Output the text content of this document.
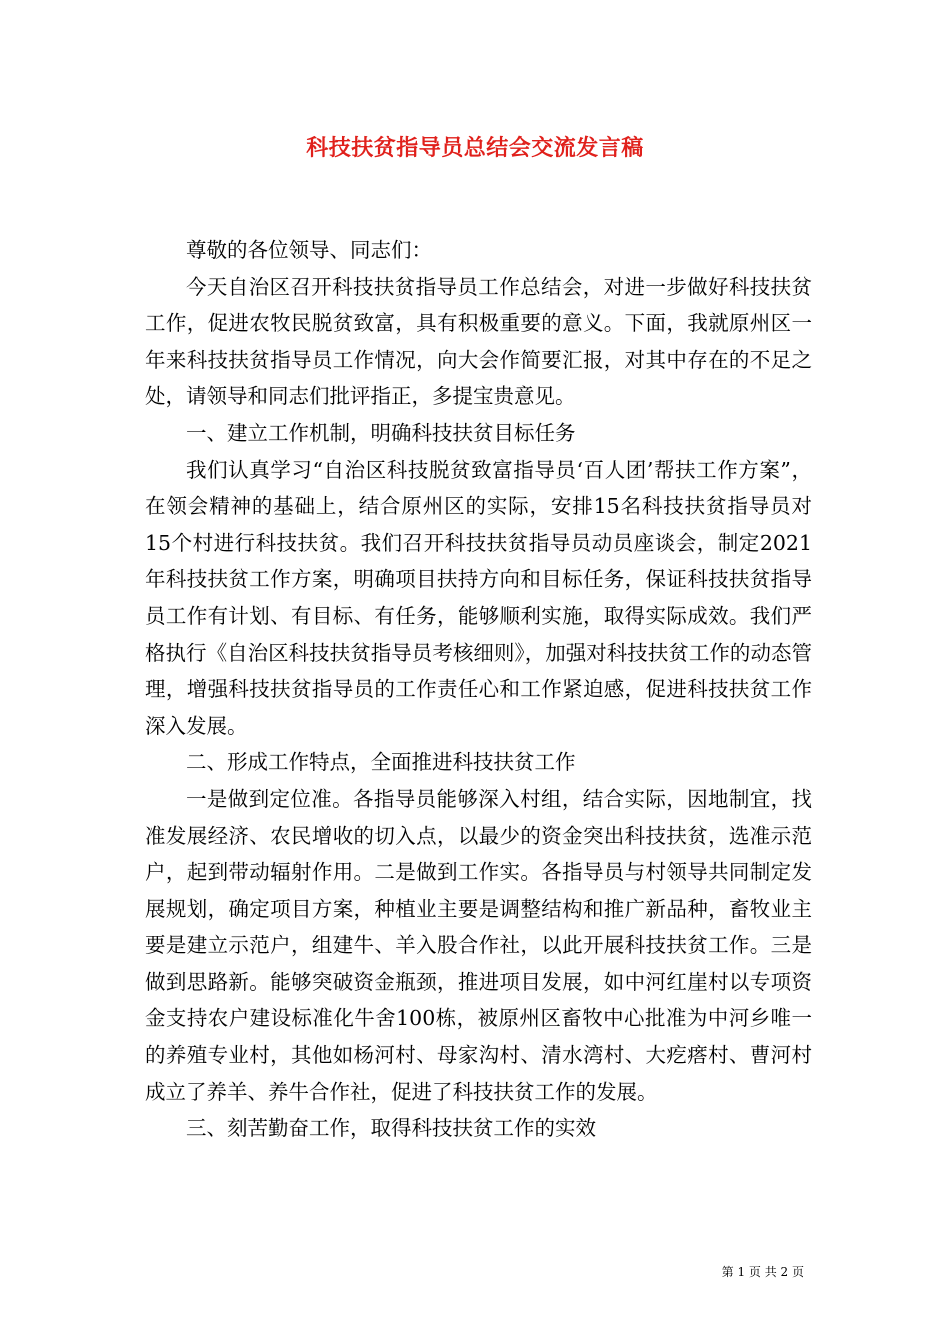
科技扶贫指导员总结会交流发言稿

尊敬的各位领导、同志们：

今天自治区召开科技扶贫指导员工作总结会，对进一步做好科技扶贫工作，促进农牧民脱贫致富，具有积极重要的意义。下面，我就原州区一年来科技扶贫指导员工作情况，向大会作简要汇报，对其中存在的不足之处，请领导和同志们批评指正，多提宝贵意见。

一、建立工作机制，明确科技扶贫目标任务

我们认真学习“自治区科技脱贫致富指导员‘百人团’帮扶工作方案”，在领会精神的基础上，结合原州区的实际，安排15名科技扶贫指导员对15个村进行科技扶贫。我们召开科技扶贫指导员动员座谈会，制定2021年科技扶贫工作方案，明确项目扶持方向和目标任务，保证科技扶贫指导员工作有计划、有目标、有任务，能够顺利实施，取得实际成效。我们严格执行《自治区科技扶贫指导员考核细则》，加强对科技扶贫工作的动态管理，增强科技扶贫指导员的工作责任心和工作紧迫感，促进科技扶贫工作深入发展。

二、形成工作特点，全面推进科技扶贫工作

一是做到定位准。各指导员能够深入村组，结合实际，因地制宜，找准发展经济、农民增收的切入点，以最少的资金突出科技扶贫，选准示范户，起到带动辐射作用。二是做到工作实。各指导员与村领导共同制定发展规划，确定项目方案，种植业主要是调整结构和推广新品种，畜牧业主要是建立示范户，组建牛、羊入股合作社，以此开展科技扶贫工作。三是做到思路新。能够突破资金瓶颈，推进项目发展，如中河红崖村以专项资金支持农户建设标准化牛舍100栋，被原州区畜牧中心批准为中河乡唯一的养殖专业村，其他如杨河村、母家沟村、清水湾村、大疙瘩村、曹河村成立了养羊、养牛合作社，促进了科技扶贫工作的发展。

三、刻苦勤奋工作，取得科技扶贫工作的实效

第 1 页 共 2 页
